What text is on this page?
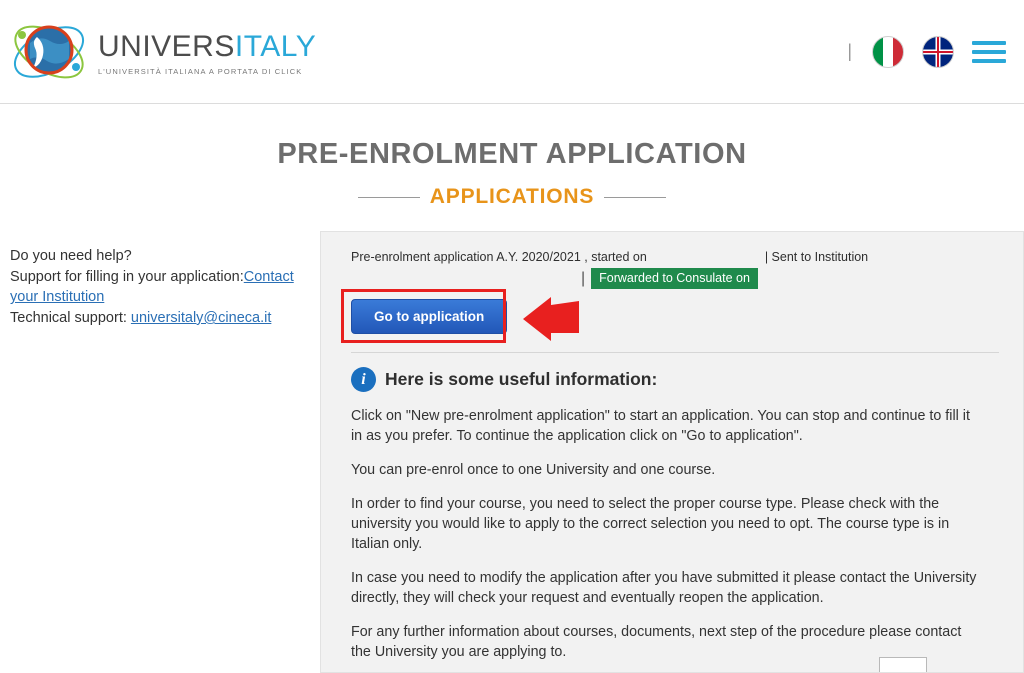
UNIVERSITALY
L'UNIVERSITÀ ITALIANA A PORTATA DI CLICK
|
PRE-ENROLMENT APPLICATION
APPLICATIONS
Do you need help?
Support for filling in your application:Contact your Institution
Technical support: universitaly@cineca.it
Pre-enrolment application A.Y. 2020/2021 , started on	| Sent to Institution
|	Forwarded to Consulate on
Go to application
i	Here is some useful information:
Click on "New pre-enrolment application" to start an application. You can stop and continue to fill it in as you prefer. To continue the application click on "Go to application".
You can pre-enrol once to one University and one course.
In order to find your course, you need to select the proper course type. Please check with the university you would like to apply to the correct selection you need to opt. The course type is in Italian only.
In case you need to modify the application after you have submitted it please contact the University directly, they will check your request and eventually reopen the application.
For any further information about courses, documents, next step of the procedure please contact the University you are applying to.
